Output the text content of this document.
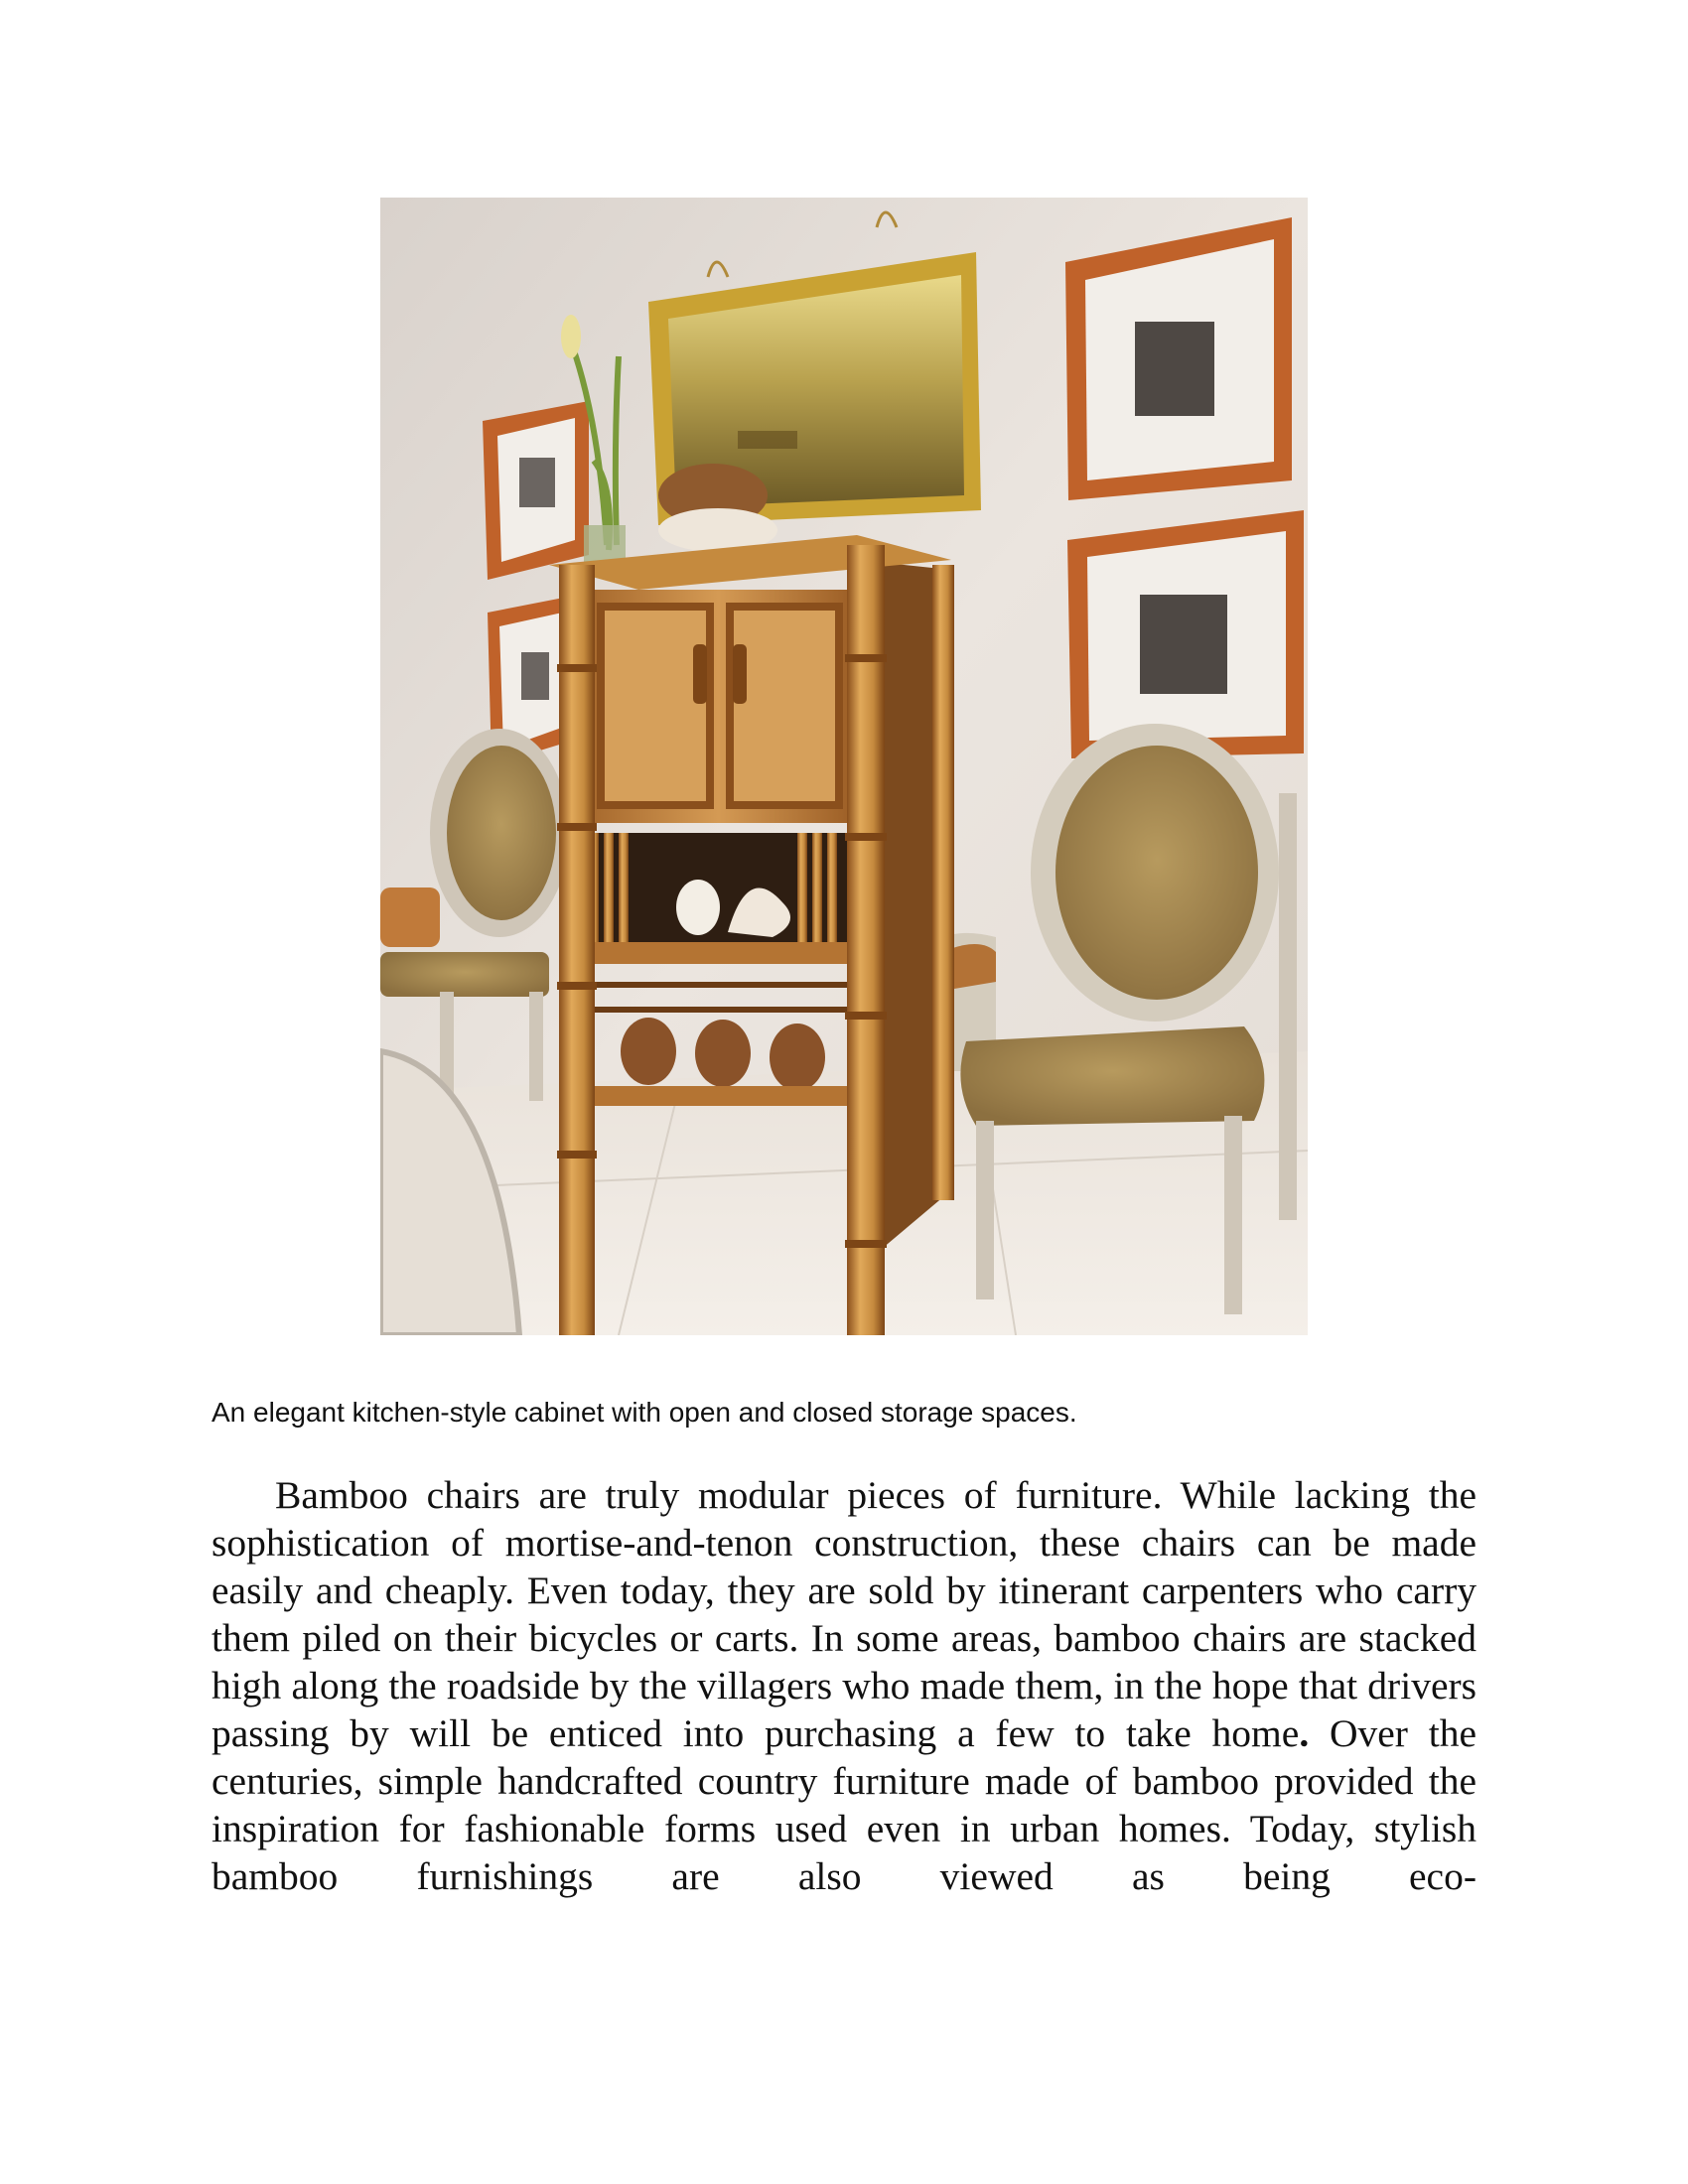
An elegant kitchen-style cabinet with open and closed storage spaces.

Bamboo chairs are truly modular pieces of furniture. While lacking the sophistication of mortise-and-tenon construction, these chairs can be made easily and cheaply. Even today, they are sold by itinerant carpenters who carry them piled on their bicycles or carts. In some areas, bamboo chairs are stacked high along the roadside by the villagers who made them, in the hope that drivers passing by will be enticed into purchasing a few to take home. Over the centuries, simple handcrafted country furniture made of bamboo provided the inspiration for fashionable forms used even in urban homes. Today, stylish bamboo furnishings are also viewed as being eco-
